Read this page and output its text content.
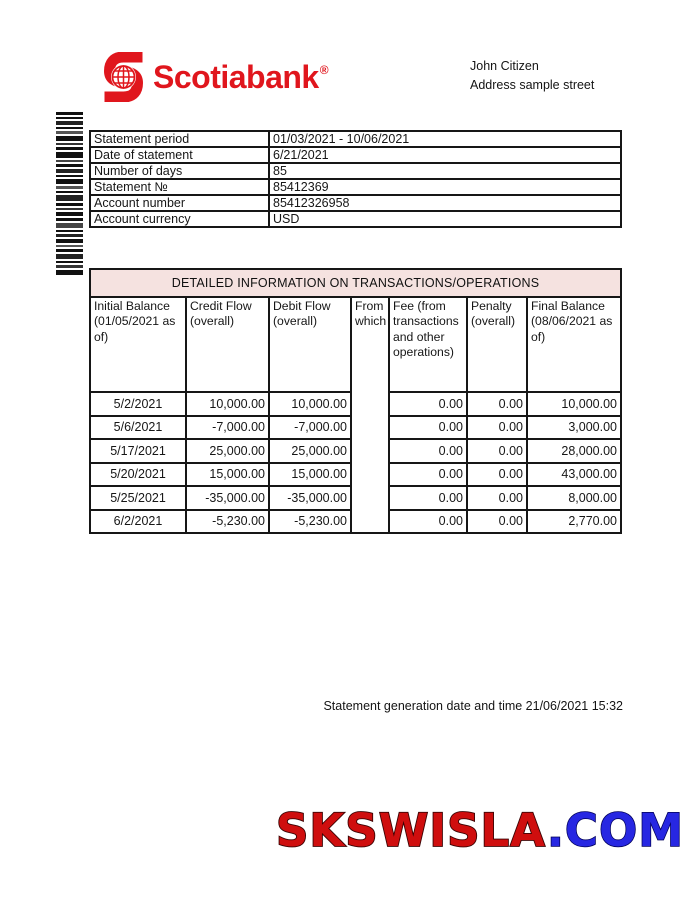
Scotiabank®	John Citizen
Address sample street
Statement period	01/03/2021 - 10/06/2021
Date of statement	6/21/2021
Number of days	85
Statement №	85412369
Account number	85412326958
Account currency	USD
DETAILED INFORMATION ON TRANSACTIONS/OPERATIONS						
Initial Balance (01/05/2021 as of)	Credit Flow (overall)	Debit Flow (overall)	From which	Fee (from transactions and other operations)	Penalty (overall)	Final Balance (08/06/2021 as of)
5/2/2021	10,000.00	10,000.00		0.00	0.00	10,000.00
5/6/2021	-7,000.00	-7,000.00		0.00	0.00	3,000.00
5/17/2021	25,000.00	25,000.00		0.00	0.00	28,000.00
5/20/2021	15,000.00	15,000.00		0.00	0.00	43,000.00
5/25/2021	-35,000.00	-35,000.00		0.00	0.00	8,000.00
6/2/2021	-5,230.00	-5,230.00		0.00	0.00	2,770.00
Statement generation date and time 21/06/2021 15:32
SKSWISLA.COM
